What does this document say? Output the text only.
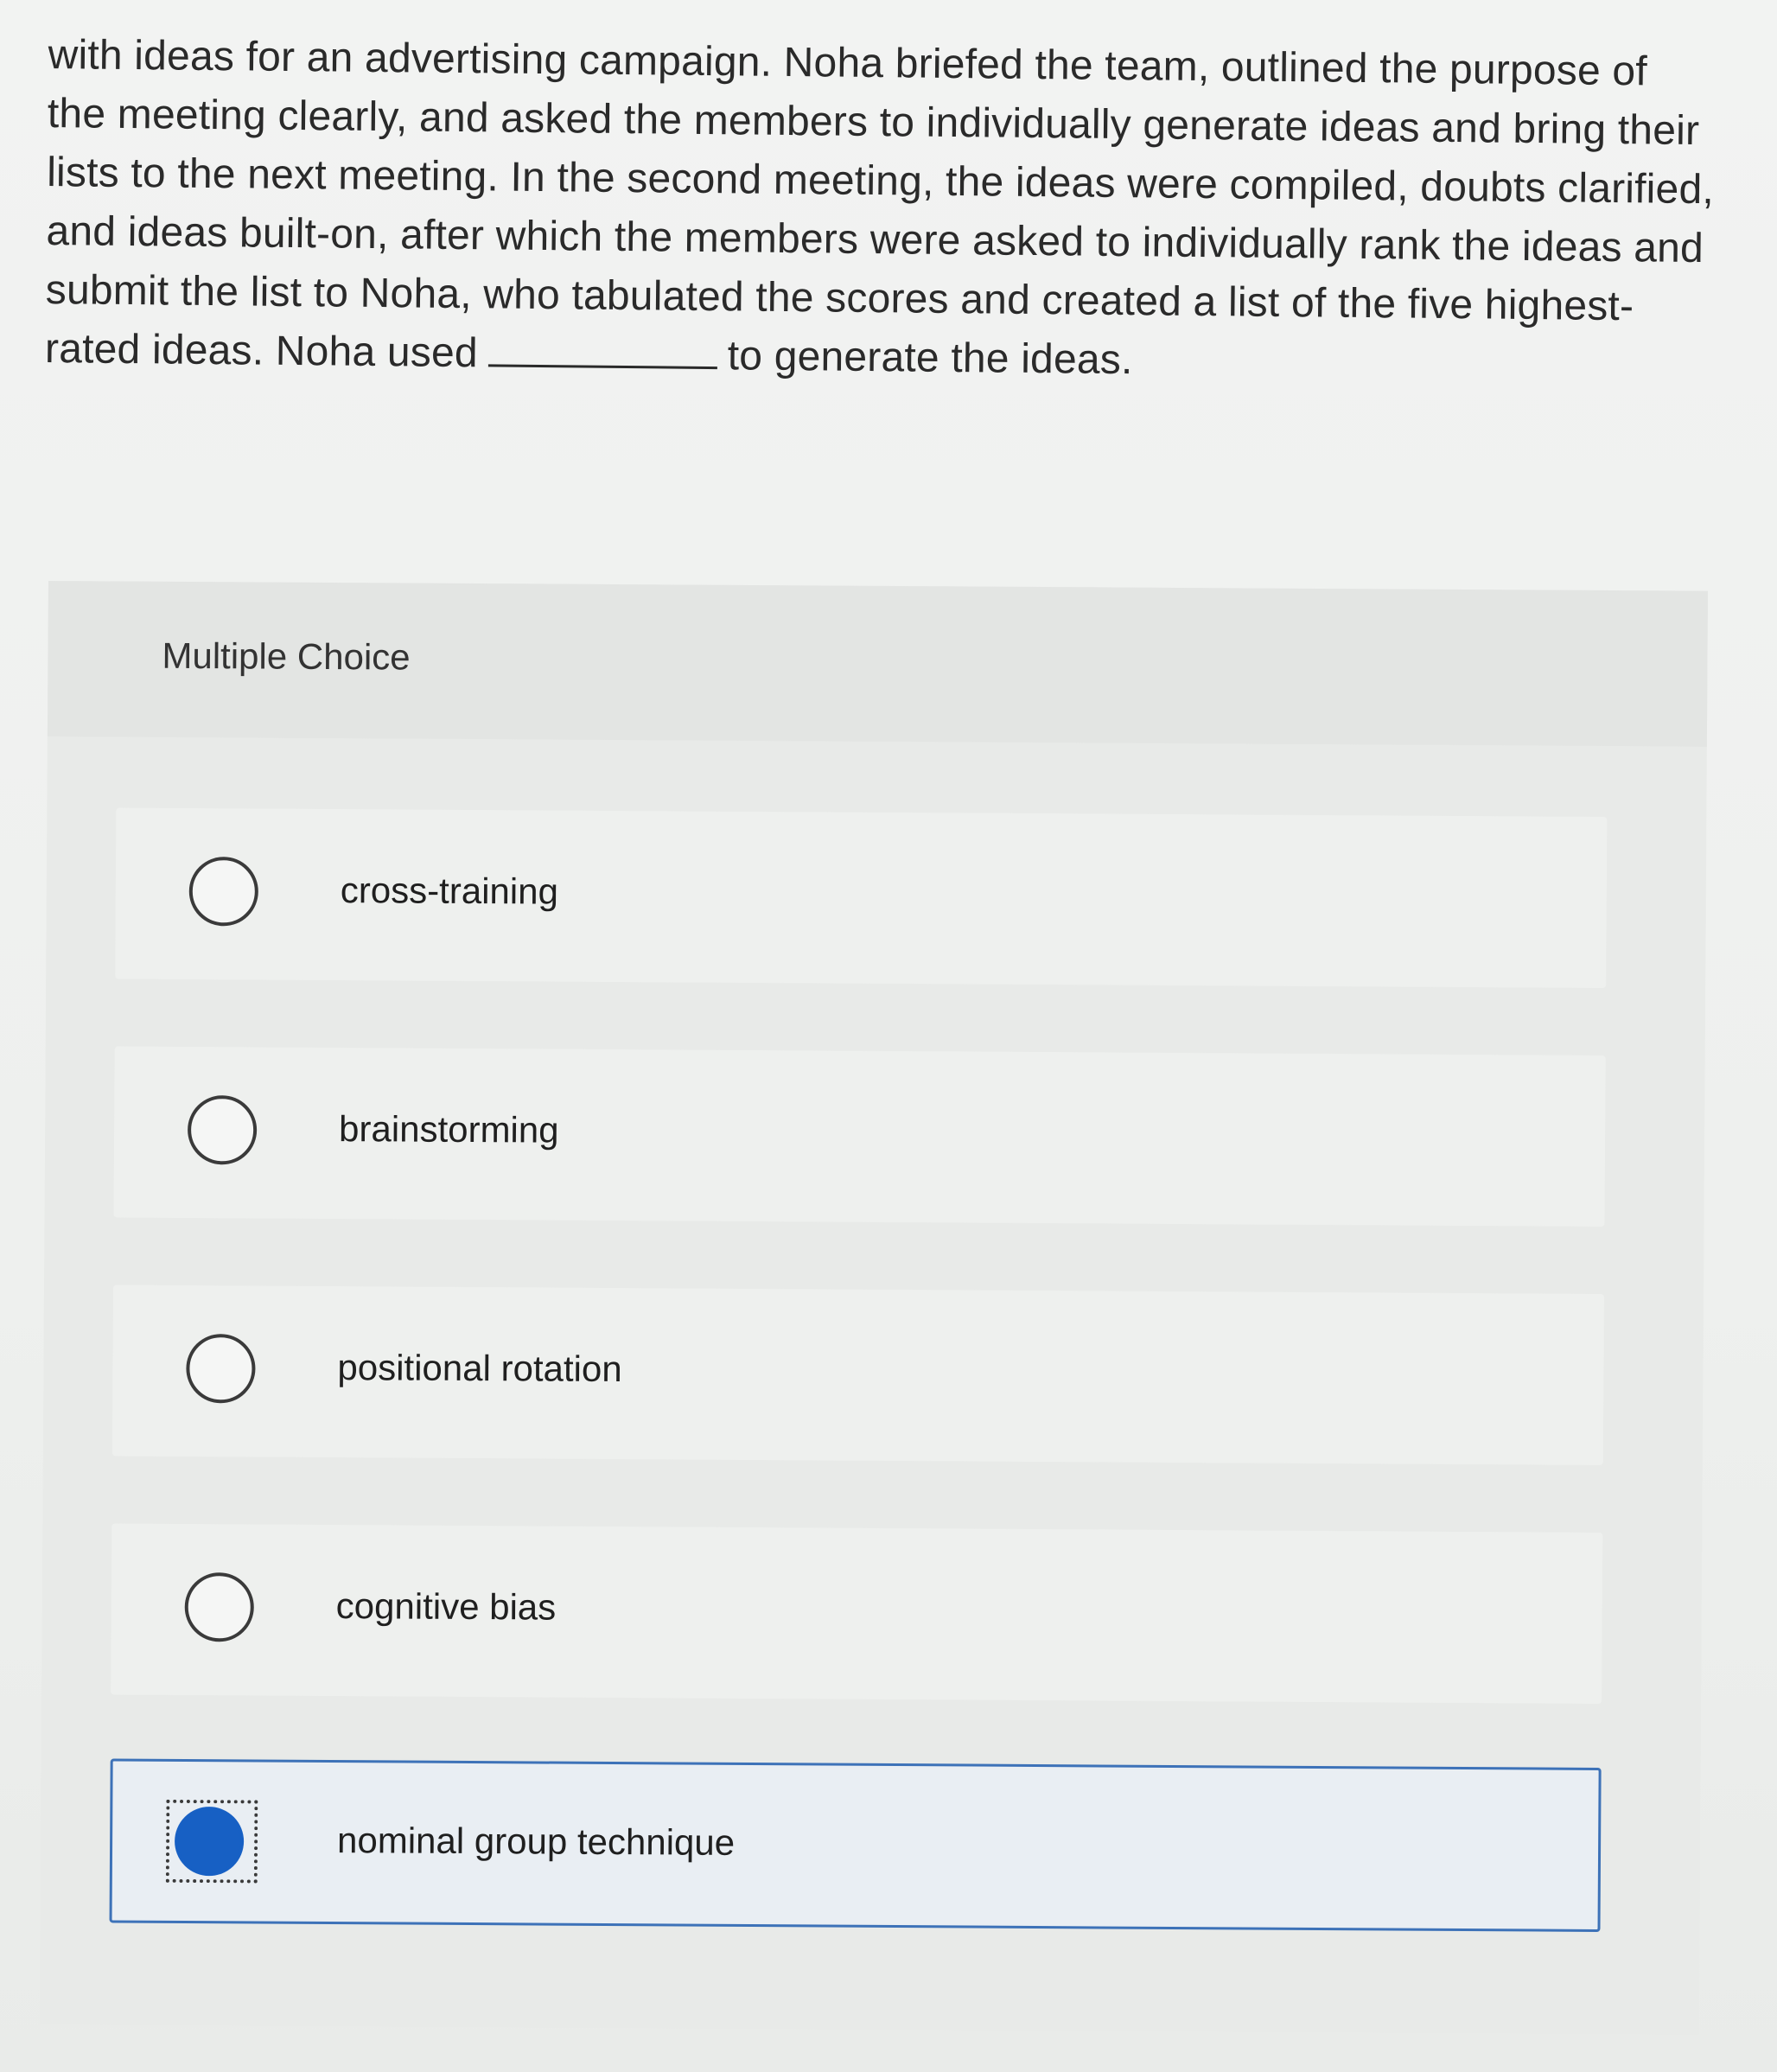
with ideas for an advertising campaign. Noha briefed the team, outlined the purpose of the meeting clearly, and asked the members to individually generate ideas and bring their lists to the next meeting. In the second meeting, the ideas were compiled, doubts clarified, and ideas built-on, after which the members were asked to individually rank the ideas and submit the list to Noha, who tabulated the scores and created a list of the five highest-rated ideas. Noha used	to generate the ideas.
Multiple Choice
cross-training
brainstorming
positional rotation
cognitive bias
nominal group technique
